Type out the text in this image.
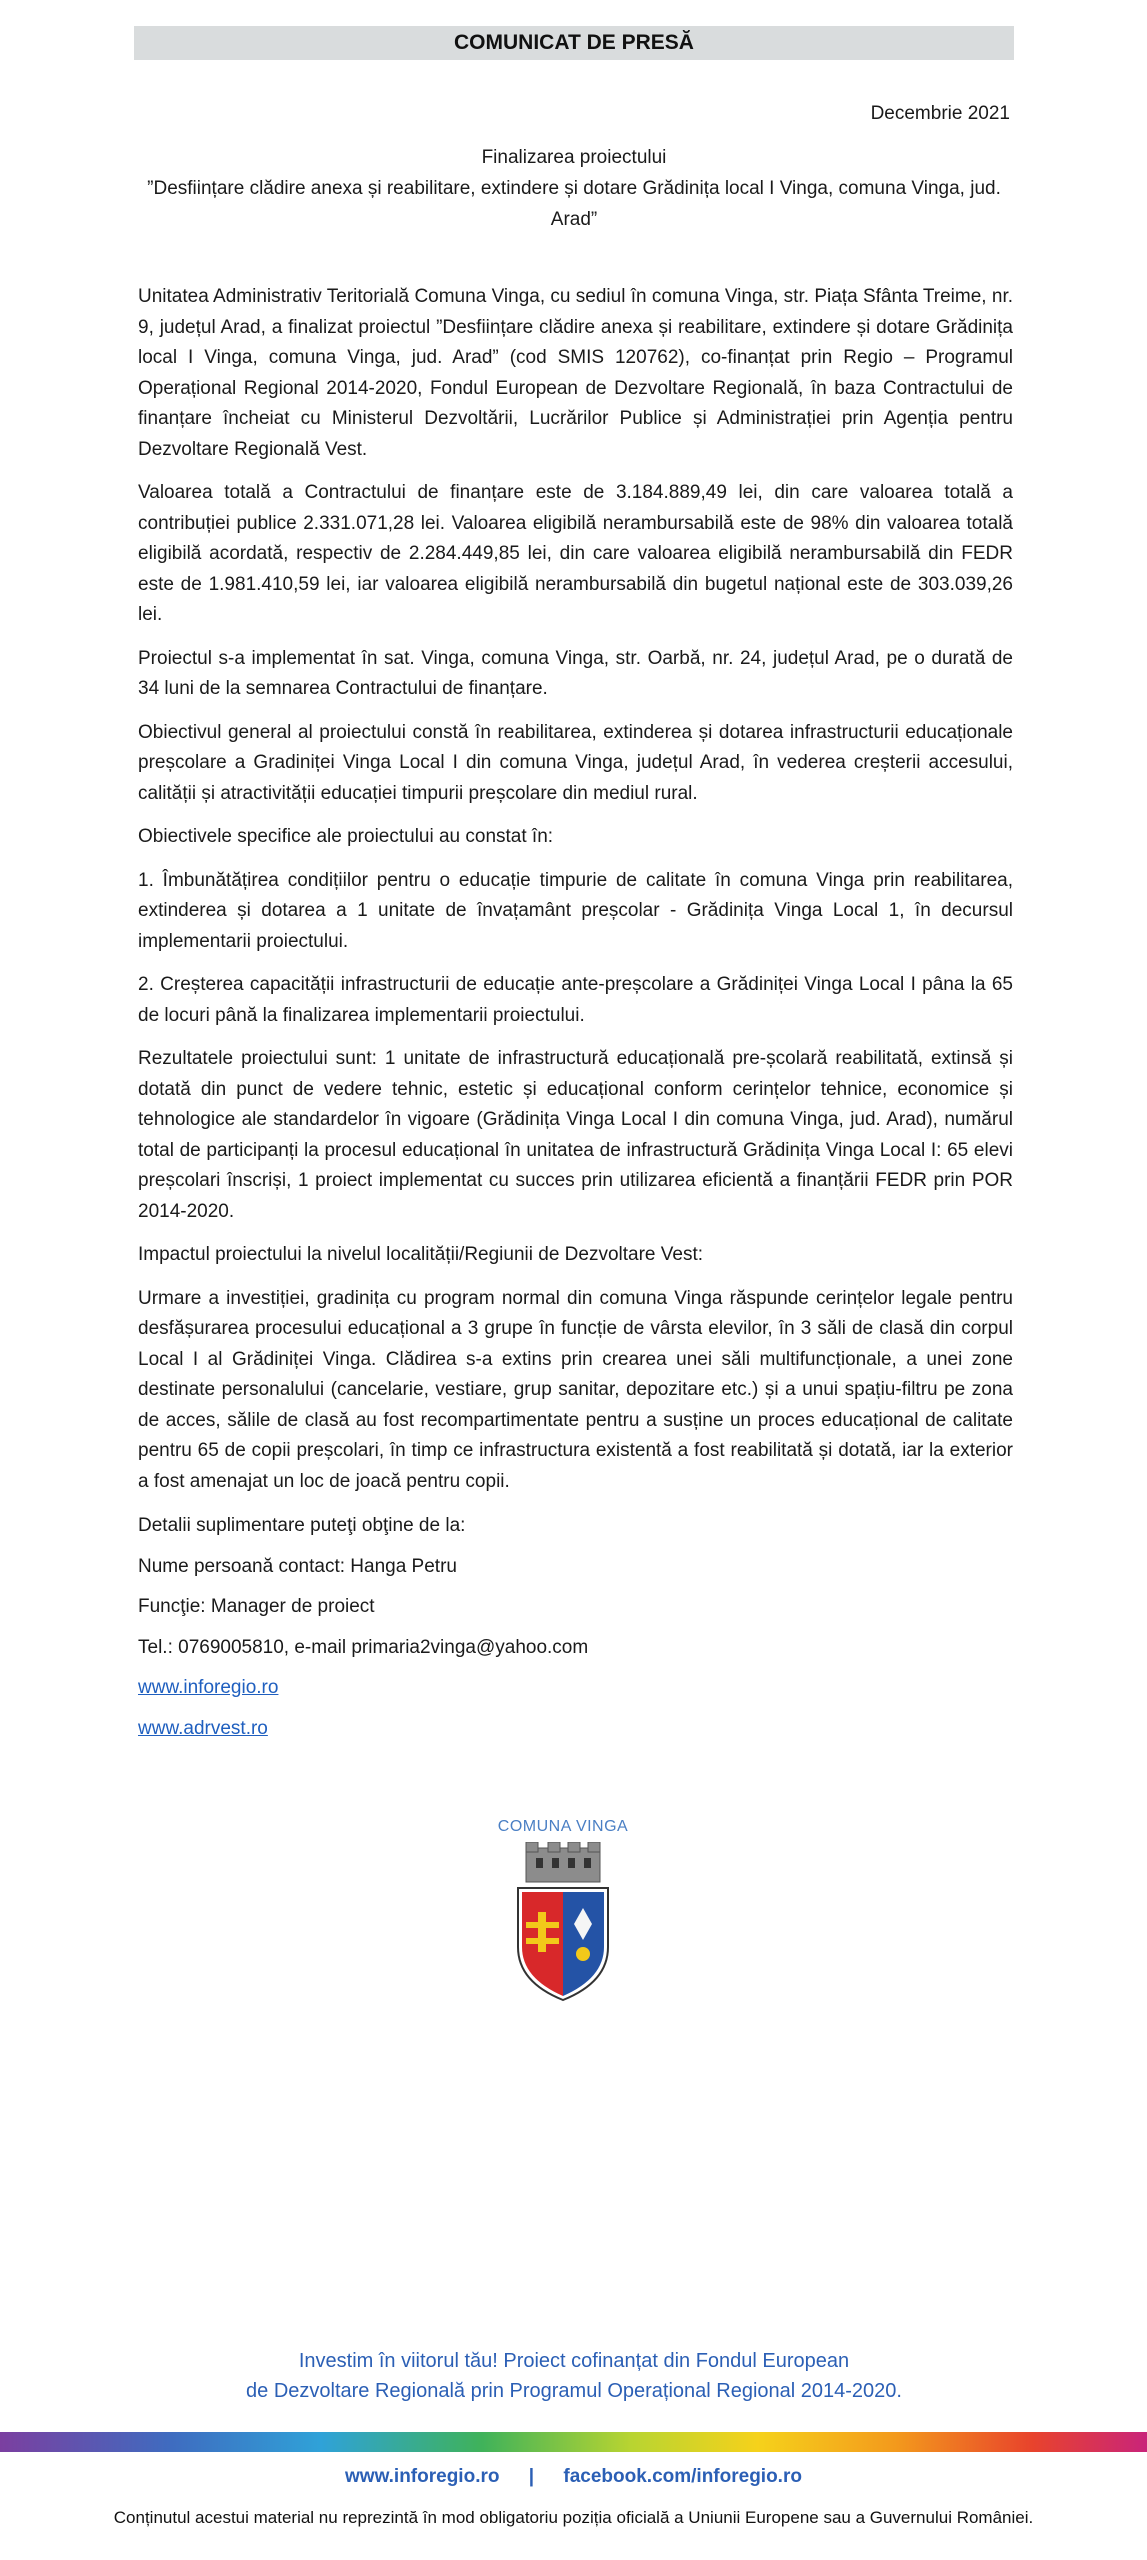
COMUNICAT DE PRESĂ
Decembrie 2021
Finalizarea proiectului
”Desființare clădire anexa și reabilitare, extindere și dotare Grădinița local I Vinga, comuna Vinga, jud. Arad”

Unitatea Administrativ Teritorială Comuna Vinga, cu sediul în comuna Vinga, str. Piața Sfânta Treime, nr. 9, județul Arad, a finalizat proiectul ”Desființare clădire anexa și reabilitare, extindere și dotare Grădinița local I Vinga, comuna Vinga, jud. Arad” (cod SMIS 120762), co-finanțat prin Regio – Programul Operațional Regional 2014-2020, Fondul European de Dezvoltare Regională, în baza Contractului de finanțare încheiat cu Ministerul Dezvoltării, Lucrărilor Publice și Administrației prin Agenția pentru Dezvoltare Regională Vest.

Valoarea totală a Contractului de finanțare este de 3.184.889,49 lei, din care valoarea totală a contribuției publice 2.331.071,28 lei. Valoarea eligibilă nerambursabilă este de 98% din valoarea totală eligibilă acordată, respectiv de 2.284.449,85 lei, din care valoarea eligibilă nerambursabilă din FEDR este de 1.981.410,59 lei, iar valoarea eligibilă nerambursabilă din bugetul național este de 303.039,26 lei.

Proiectul s-a implementat în sat. Vinga, comuna Vinga, str. Oarbă, nr. 24, județul Arad, pe o durată de 34 luni de la semnarea Contractului de finanțare.

Obiectivul general al proiectului constă în reabilitarea, extinderea și dotarea infrastructurii educaționale preșcolare a Gradiniței Vinga Local I din comuna Vinga, județul Arad, în vederea creșterii accesului, calității și atractivității educației timpurii preșcolare din mediul rural.

Obiectivele specifice ale proiectului au constat în:

1. Îmbunătățirea condițiilor pentru o educație timpurie de calitate în comuna Vinga prin reabilitarea, extinderea și dotarea a 1 unitate de învațamânt preșcolar - Grădinița Vinga Local 1, în decursul implementarii proiectului.

2. Creșterea capacității infrastructurii de educație ante-preșcolare a Grădiniței Vinga Local I pâna la 65 de locuri până la finalizarea implementarii proiectului.

Rezultatele proiectului sunt: 1 unitate de infrastructură educațională pre-școlară reabilitată, extinsă și dotată din punct de vedere tehnic, estetic și educațional conform cerințelor tehnice, economice și tehnologice ale standardelor în vigoare (Grădinița Vinga Local I din comuna Vinga, jud. Arad), numărul total de participanți la procesul educațional în unitatea de infrastructură Grădinița Vinga Local I: 65 elevi preșcolari înscriși, 1 proiect implementat cu succes prin utilizarea eficientă a finanțării FEDR prin POR 2014-2020.

Impactul proiectului la nivelul localității/Regiunii de Dezvoltare Vest:

Urmare a investiției, gradinița cu program normal din comuna Vinga răspunde cerințelor legale pentru desfășurarea procesului educațional a 3 grupe în funcție de vârsta elevilor, în 3 săli de clasă din corpul Local I al Grădiniței Vinga. Clădirea s-a extins prin crearea unei săli multifuncționale, a unei zone destinate personalului (cancelarie, vestiare, grup sanitar, depozitare etc.) și a unui spațiu-filtru pe zona de acces, sălile de clasă au fost recompartimentate pentru a susține un proces educațional de calitate pentru 65 de copii preșcolari, în timp ce infrastructura existentă a fost reabilitată și dotată, iar la exterior a fost amenajat un loc de joacă pentru copii.

Detalii suplimentare puteţi obţine de la:

Nume persoană contact: Hanga Petru

Funcţie: Manager de proiect

Tel.: 0769005810, e-mail primaria2vinga@yahoo.com

www.inforegio.ro

www.adrvest.ro

COMUNA VINGA
Investim în viitorul tău! Proiect cofinanțat din Fondul European
de Dezvoltare Regională prin Programul Operațional Regional 2014-2020.
www.inforegio.ro | facebook.com/inforegio.ro
Conținutul acestui material nu reprezintă în mod obligatoriu poziția oficială a Uniunii Europene sau a Guvernului României.
